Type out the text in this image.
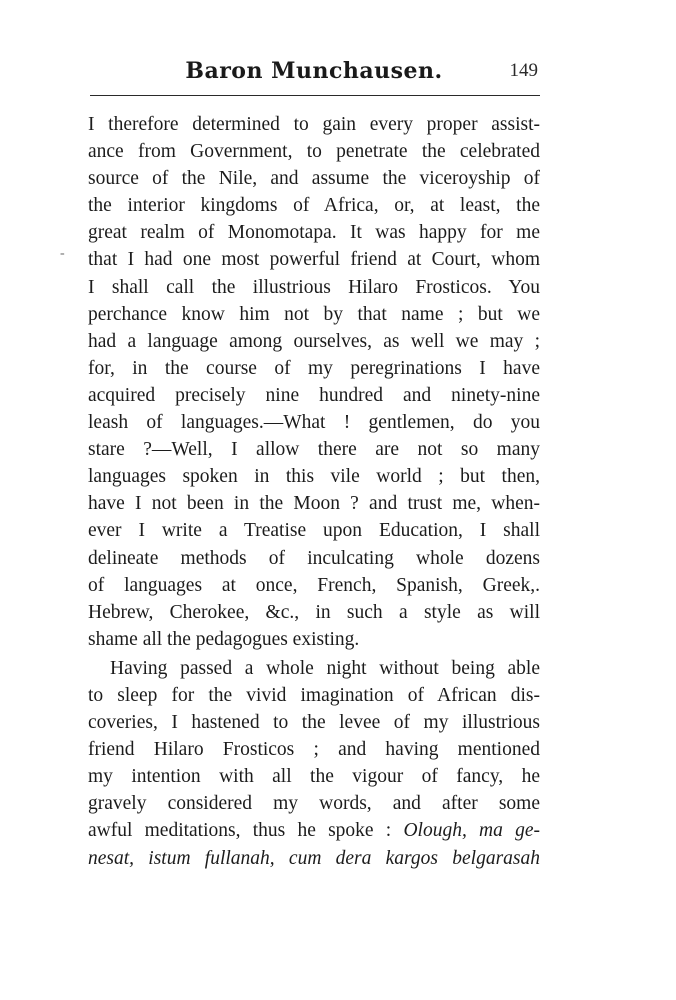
Baron Munchausen.	149
-
I therefore determined to gain every proper assist-
ance from Government, to penetrate the celebrated
source of the Nile, and assume the viceroyship of
the interior kingdoms of Africa, or, at least, the
great realm of Monomotapa. It was happy for me
that I had one most powerful friend at Court, whom
I shall call the illustrious Hilaro Frosticos. You
perchance know him not by that name ; but we
had a language among ourselves, as well we may ;
for, in the course of my peregrinations I have
acquired precisely nine hundred and ninety-nine
leash of languages.—What ! gentlemen, do you
stare ?—Well, I allow there are not so many
languages spoken in this vile world ; but then,
have I not been in the Moon ? and trust me, when-
ever I write a Treatise upon Education, I shall
delineate methods of inculcating whole dozens
of languages at once, French, Spanish, Greek,.
Hebrew, Cherokee, &c., in such a style as will
shame all the pedagogues existing.
Having passed a whole night without being able
to sleep for the vivid imagination of African dis-
coveries, I hastened to the levee of my illustrious
friend Hilaro Frosticos ; and having mentioned
my intention with all the vigour of fancy, he
gravely considered my words, and after some
awful meditations, thus he spoke : Olough, ma ge-
nesat, istum fullanah, cum dera kargos belgarasah
